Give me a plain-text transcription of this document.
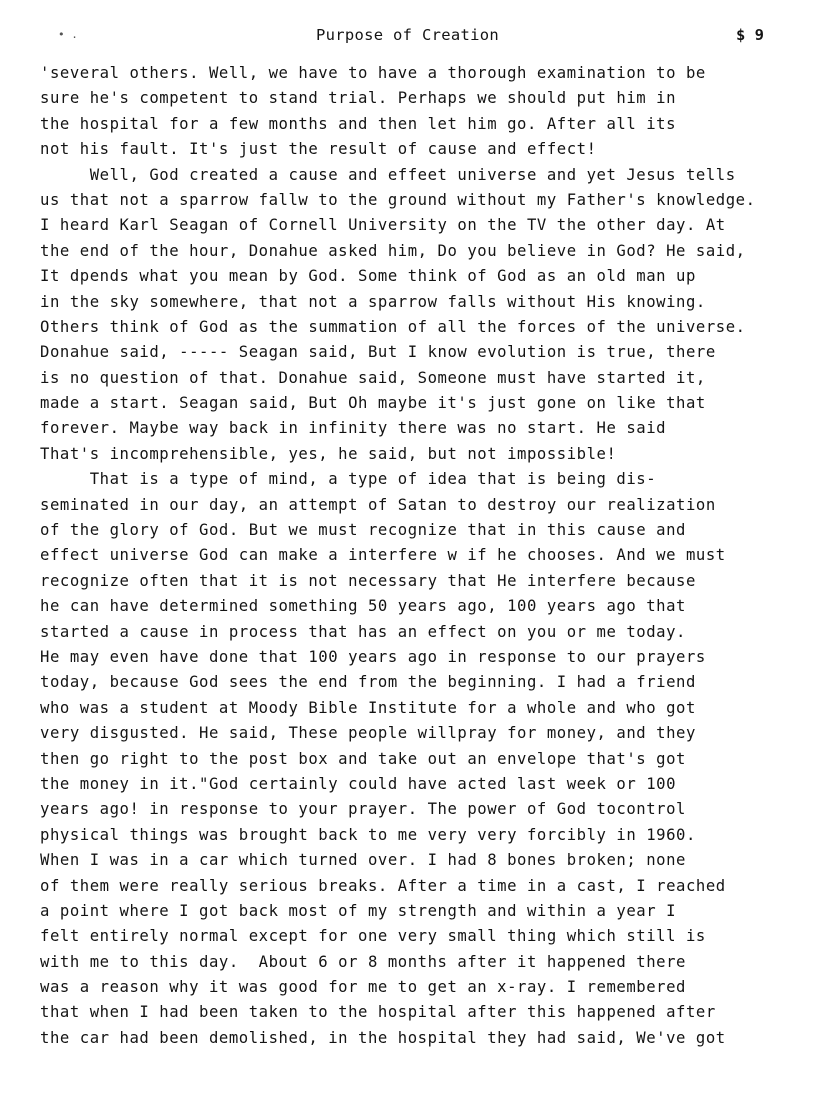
• .	Purpose of Creation	$ 9
'several others. Well, we have to have a thorough examination to be
sure he's competent to stand trial. Perhaps we should put him in
the hospital for a few months and then let him go. After all its
not his fault. It's just the result of cause and effect!
Well, God created a cause and effeet universe and yet Jesus tells
us that not a sparrow fallw to the ground without my Father's knowledge.
I heard Karl Seagan of Cornell University on the TV the other day. At
the end of the hour, Donahue asked him, Do you believe in God? He said,
It dpends what you mean by God. Some think of God as an old man up
in the sky somewhere, that not a sparrow falls without His knowing.
Others think of God as the summation of all the forces of the universe.
Donahue said, ----- Seagan said, But I know evolution is true, there
is no question of that. Donahue said, Someone must have started it,
made a start. Seagan said, But Oh maybe it's just gone on like that
forever. Maybe way back in infinity there was no start. He said
That's incomprehensible, yes, he said, but not impossible!
That is a type of mind, a type of idea that is being dis-
seminated in our day, an attempt of Satan to destroy our realization
of the glory of God. But we must recognize that in this cause and
effect universe God can make a interfere w if he chooses. And we must
recognize often that it is not necessary that He interfere because
he can have determined something 50 years ago, 100 years ago that
started a cause in process that has an effect on you or me today.
He may even have done that 100 years ago in response to our prayers
today, because God sees the end from the beginning. I had a friend
who was a student at Moody Bible Institute for a whole and who got
very disgusted. He said, These people willpray for money, and they
then go right to the post box and take out an envelope that's got
the money in it."God certainly could have acted last week or 100
years ago! in response to your prayer. The power of God tocontrol
physical things was brought back to me very very forcibly in 1960.
When I was in a car which turned over. I had 8 bones broken; none
of them were really serious breaks. After a time in a cast, I reached
a point where I got back most of my strength and within a year I
felt entirely normal except for one very small thing which still is
with me to this day.  About 6 or 8 months after it happened there
was a reason why it was good for me to get an x-ray. I remembered
that when I had been taken to the hospital after this happened after
the car had been demolished, in the hospital they had said, We've got
